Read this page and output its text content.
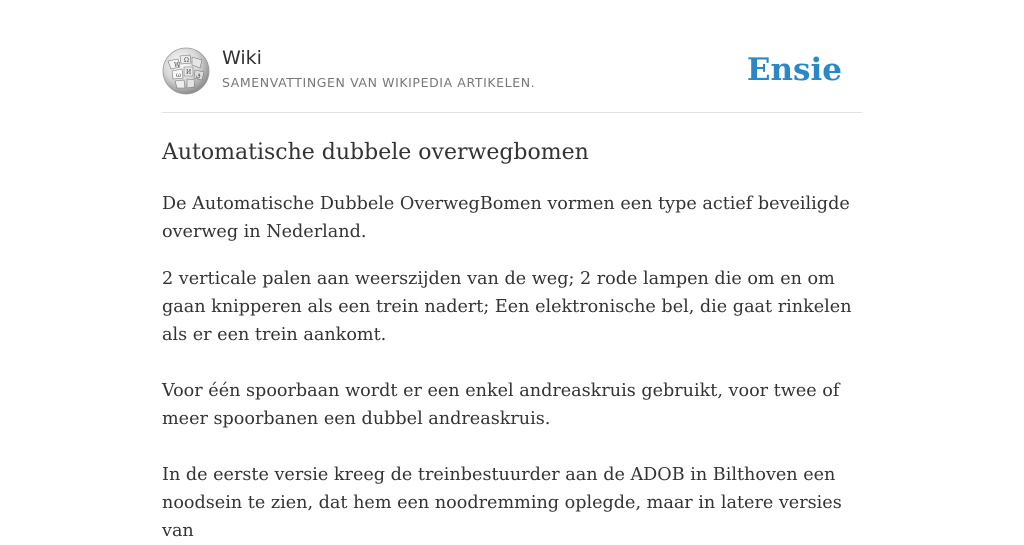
W
Ω
И
ω	ق
Wiki
SAMENVATTINGEN VAN WIKIPEDIA ARTIKELEN.	Ensie
Automatische dubbele overwegbomen

De Automatische Dubbele OverwegBomen vormen een type actief beveiligde overweg in Nederland.

2 verticale palen aan weerszijden van de weg; 2 rode lampen die om en om gaan knipperen als een trein nadert; Een elektronische bel, die gaat rinkelen als er een trein aankomt.

Voor één spoorbaan wordt er een enkel andreaskruis gebruikt, voor twee of meer spoorbanen een dubbel andreaskruis.

In de eerste versie kreeg de treinbestuurder aan de ADOB in Bilthoven een noodsein te zien, dat hem een noodremming oplegde, maar in latere versies van
